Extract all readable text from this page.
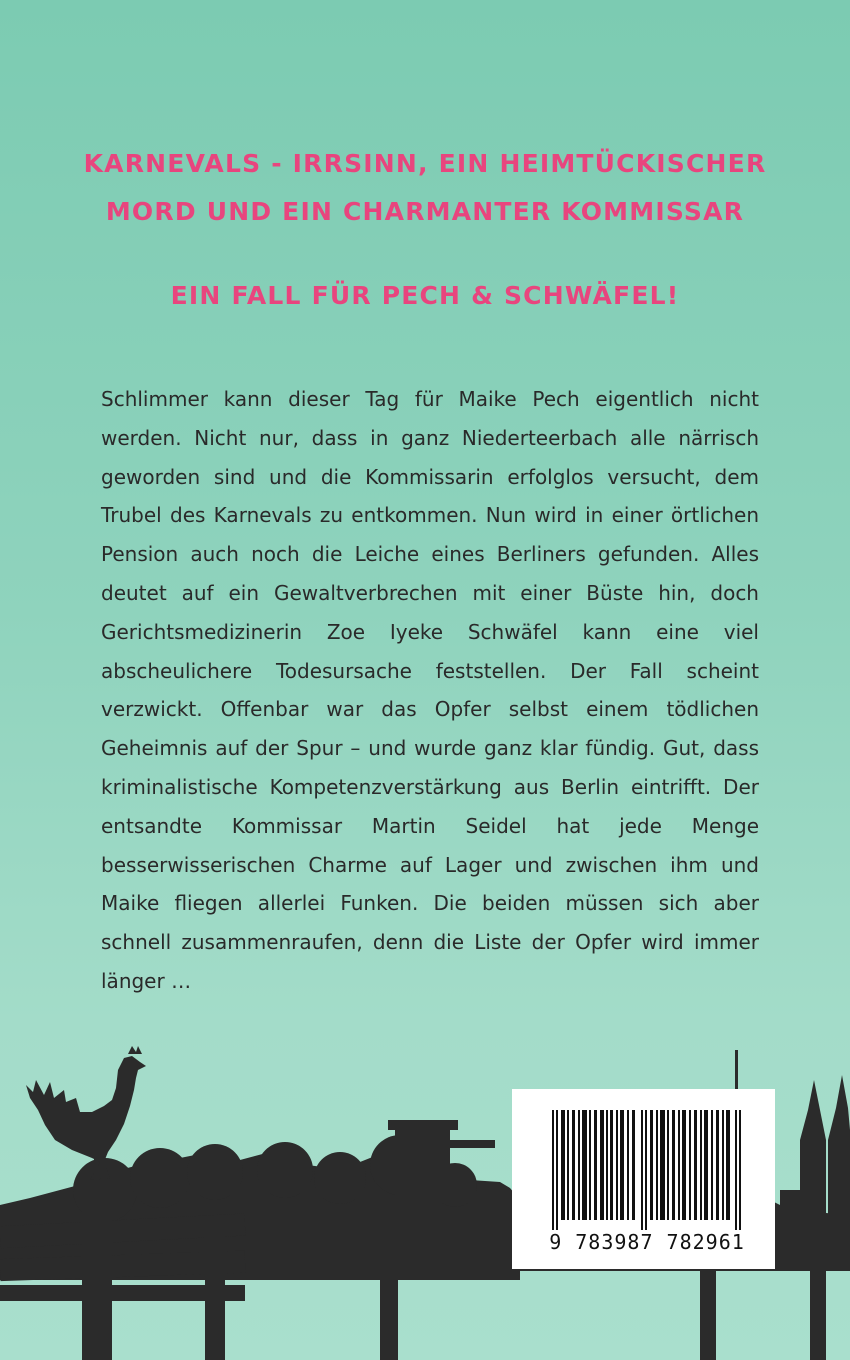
KARNEVALS - IRRSINN, EIN HEIMTÜCKISCHER
MORD UND EIN CHARMANTER KOMMISSAR

EIN FALL FÜR PECH & SCHWÄFEL!

Schlimmer kann dieser Tag für Maike Pech eigentlich nicht werden. Nicht nur, dass in ganz Niederteerbach alle närrisch geworden sind und die Kommissarin erfolglos versucht, dem Trubel des Karnevals zu entkommen. Nun wird in einer örtlichen Pension auch noch die Leiche eines Berliners gefunden. Alles deutet auf ein Gewaltverbrechen mit einer Büste hin, doch Gerichtsmedizinerin Zoe Iyeke Schwäfel kann eine viel abscheulichere Todesursache feststellen. Der Fall scheint verzwickt. Offenbar war das Opfer selbst einem tödlichen Geheimnis auf der Spur – und wurde ganz klar fündig. Gut, dass kriminalistische Kompetenzverstärkung aus Berlin eintrifft. Der entsandte Kommissar Martin Seidel hat jede Menge besserwisserischen Charme auf Lager und zwischen ihm und Maike fliegen allerlei Funken. Die beiden müssen sich aber schnell zusammenraufen, denn die Liste der Opfer wird immer länger …

9 783987 782961
